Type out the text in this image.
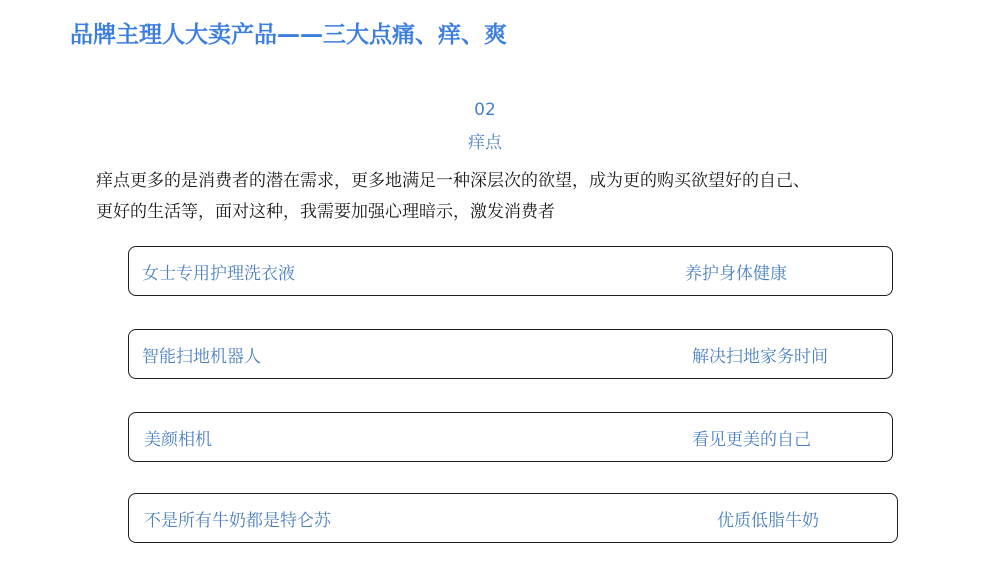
品牌主理人大卖产品——三大点痛、痒、爽
02
痒点
痒点更多的是消费者的潜在需求，更多地满足一种深层次的欲望，成为更的购买欲望好的自己、
更好的生活等，面对这种，我需要加强心理暗示，激发消费者
女士专用护理洗衣液	养护身体健康
智能扫地机器人	解决扫地家务时间
美颜相机	看见更美的自己
不是所有牛奶都是特仑苏	优质低脂牛奶
